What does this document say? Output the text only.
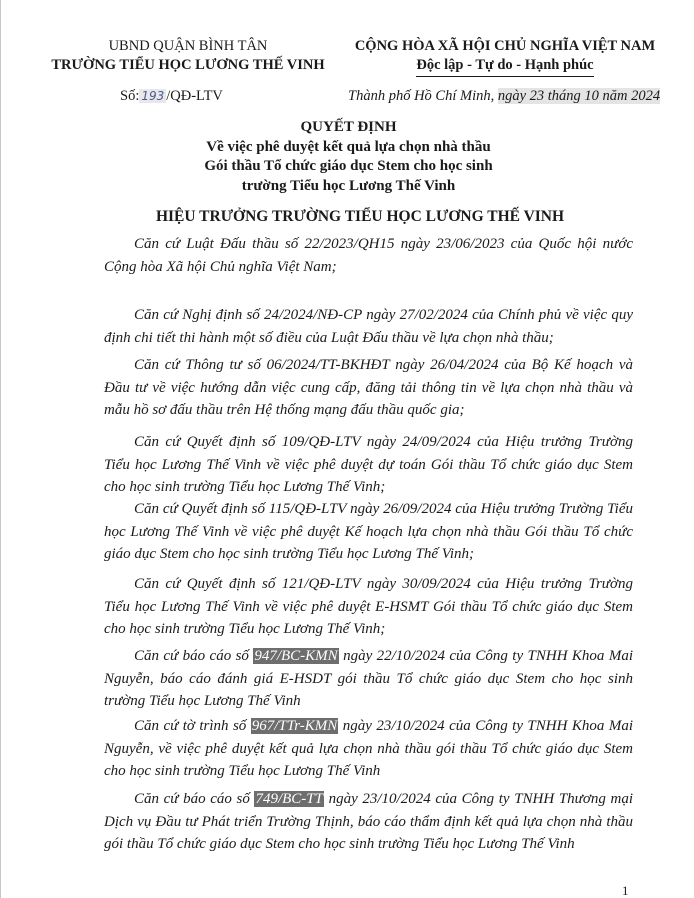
UBND QUẬN BÌNH TÂN
TRƯỜNG TIỂU HỌC LƯƠNG THẾ VINH
CỘNG HÒA XÃ HỘI CHỦ NGHĨA VIỆT NAM
Độc lập - Tự do - Hạnh phúc
Số: 193 /QĐ-LTV	Thành phố Hồ Chí Minh, ngày 23 tháng 10 năm 2024
QUYẾT ĐỊNH
Về việc phê duyệt kết quả lựa chọn nhà thầu
Gói thầu Tổ chức giáo dục Stem cho học sinh
trường Tiểu học Lương Thế Vinh
HIỆU TRƯỞNG TRƯỜNG TIỂU HỌC LƯƠNG THẾ VINH

Căn cứ Luật Đấu thầu số 22/2023/QH15 ngày 23/06/2023 của Quốc hội nước Cộng hòa Xã hội Chủ nghĩa Việt Nam;

Căn cứ Nghị định số 24/2024/NĐ-CP ngày 27/02/2024 của Chính phủ về việc quy định chi tiết thi hành một số điều của Luật Đấu thầu về lựa chọn nhà thầu;

Căn cứ Thông tư số 06/2024/TT-BKHĐT ngày 26/04/2024 của Bộ Kế hoạch và Đầu tư về việc hướng dẫn việc cung cấp, đăng tải thông tin về lựa chọn nhà thầu và mẫu hồ sơ đấu thầu trên Hệ thống mạng đấu thầu quốc gia;

Căn cứ Quyết định số 109/QĐ-LTV ngày 24/09/2024 của Hiệu trưởng Trường Tiểu học Lương Thế Vinh về việc phê duyệt dự toán Gói thầu Tổ chức giáo dục Stem cho học sinh trường Tiểu học Lương Thế Vinh;

Căn cứ Quyết định số 115/QĐ-LTV ngày 26/09/2024 của Hiệu trưởng Trường Tiểu học Lương Thế Vinh về việc phê duyệt Kế hoạch lựa chọn nhà thầu Gói thầu Tổ chức giáo dục Stem cho học sinh trường Tiểu học Lương Thế Vinh;

Căn cứ Quyết định số 121/QĐ-LTV ngày 30/09/2024 của Hiệu trưởng Trường Tiểu học Lương Thế Vinh về việc phê duyệt E-HSMT Gói thầu Tổ chức giáo dục Stem cho học sinh trường Tiểu học Lương Thế Vinh;

Căn cứ báo cáo số 947/BC-KMN ngày 22/10/2024 của Công ty TNHH Khoa Mai Nguyễn, báo cáo đánh giá E-HSDT gói thầu Tổ chức giáo dục Stem cho học sinh trường Tiểu học Lương Thế Vinh

Căn cứ tờ trình số 967/TTr-KMN ngày 23/10/2024 của Công ty TNHH Khoa Mai Nguyễn, về việc phê duyệt kết quả lựa chọn nhà thầu gói thầu Tổ chức giáo dục Stem cho học sinh trường Tiểu học Lương Thế Vinh

Căn cứ báo cáo số 749/BC-TT ngày 23/10/2024 của Công ty TNHH Thương mại Dịch vụ Đầu tư Phát triển Trường Thịnh, báo cáo thẩm định kết quả lựa chọn nhà thầu gói thầu Tổ chức giáo dục Stem cho học sinh trường Tiểu học Lương Thế Vinh

1
